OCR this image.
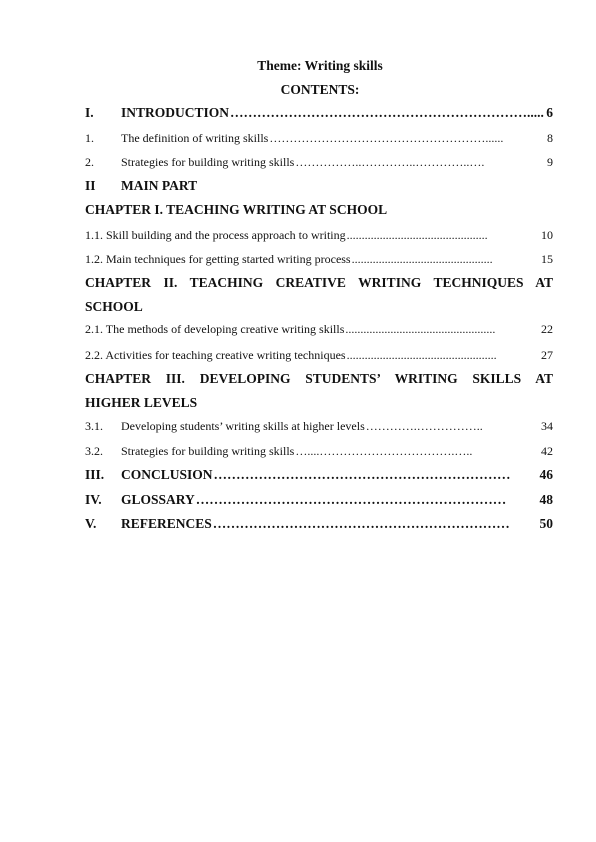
Theme: Writing skills
CONTENTS:
I.	INTRODUCTION …………………………………………………………..... 6
1.	The definition of writing skills ………………………………………………......	8
2.	Strategies for building writing skills ……………..…………..…………..….	9
II	MAIN PART
CHAPTER I. TEACHING WRITING AT SCHOOL
1.1. Skill building and the process approach to writing ...............................................	10
1.2. Main techniques for getting started writing process ...............................................	15
CHAPTER II. TEACHING CREATIVE WRITING TECHNIQUES AT
SCHOOL
2.1. The methods of developing creative writing skills ..................................................	22
2.2. Activities for teaching creative writing techniques ..................................................	27
CHAPTER III. DEVELOPING STUDENTS’ WRITING SKILLS AT
HIGHER LEVELS
3.1.	Developing students’ writing skills at higher levels ………….……………..	34
3.2.	Strategies for building writing skills …....…………………………….…..	42
III.	CONCLUSION …………………………………………………………	46
IV.	GLOSSARY ……………………………………………………………	48
V.	REFERENCES …………………………………………………………	50
